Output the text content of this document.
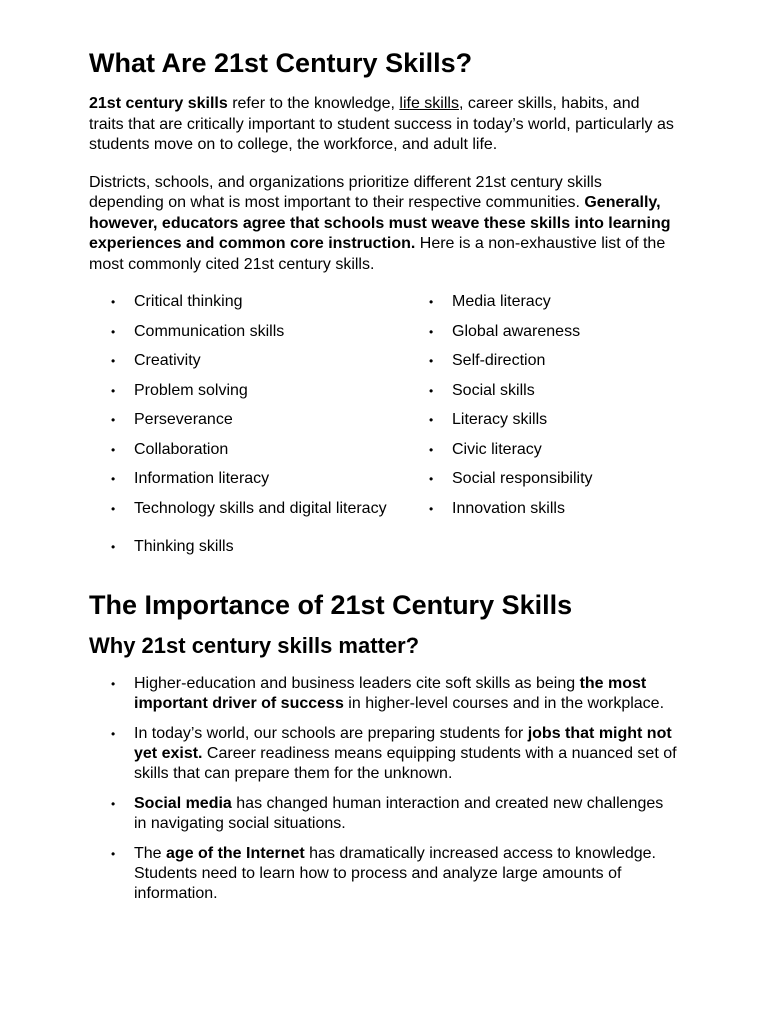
What Are 21st Century Skills?

21st century skills refer to the knowledge, life skills, career skills, habits, and traits that are critically important to student success in today’s world, particularly as students move on to college, the workforce, and adult life.

Districts, schools, and organizations prioritize different 21st century skills depending on what is most important to their respective communities. Generally, however, educators agree that schools must weave these skills into learning experiences and common core instruction. Here is a non-exhaustive list of the most commonly cited 21st century skills.

• Critical thinking
• Communication skills
• Creativity
• Problem solving
• Perseverance
• Collaboration
• Information literacy
• Technology skills and digital literacy
• Thinking skills
• Media literacy
• Global awareness
• Self-direction
• Social skills
• Literacy skills
• Civic literacy
• Social responsibility
• Innovation skills
The Importance of 21st Century Skills
Why 21st century skills matter?
• Higher-education and business leaders cite soft skills as being the most important driver of success in higher-level courses and in the workplace.
• In today’s world, our schools are preparing students for jobs that might not yet exist. Career readiness means equipping students with a nuanced set of skills that can prepare them for the unknown.
• Social media has changed human interaction and created new challenges in navigating social situations.
• The age of the Internet has dramatically increased access to knowledge. Students need to learn how to process and analyze large amounts of information.
